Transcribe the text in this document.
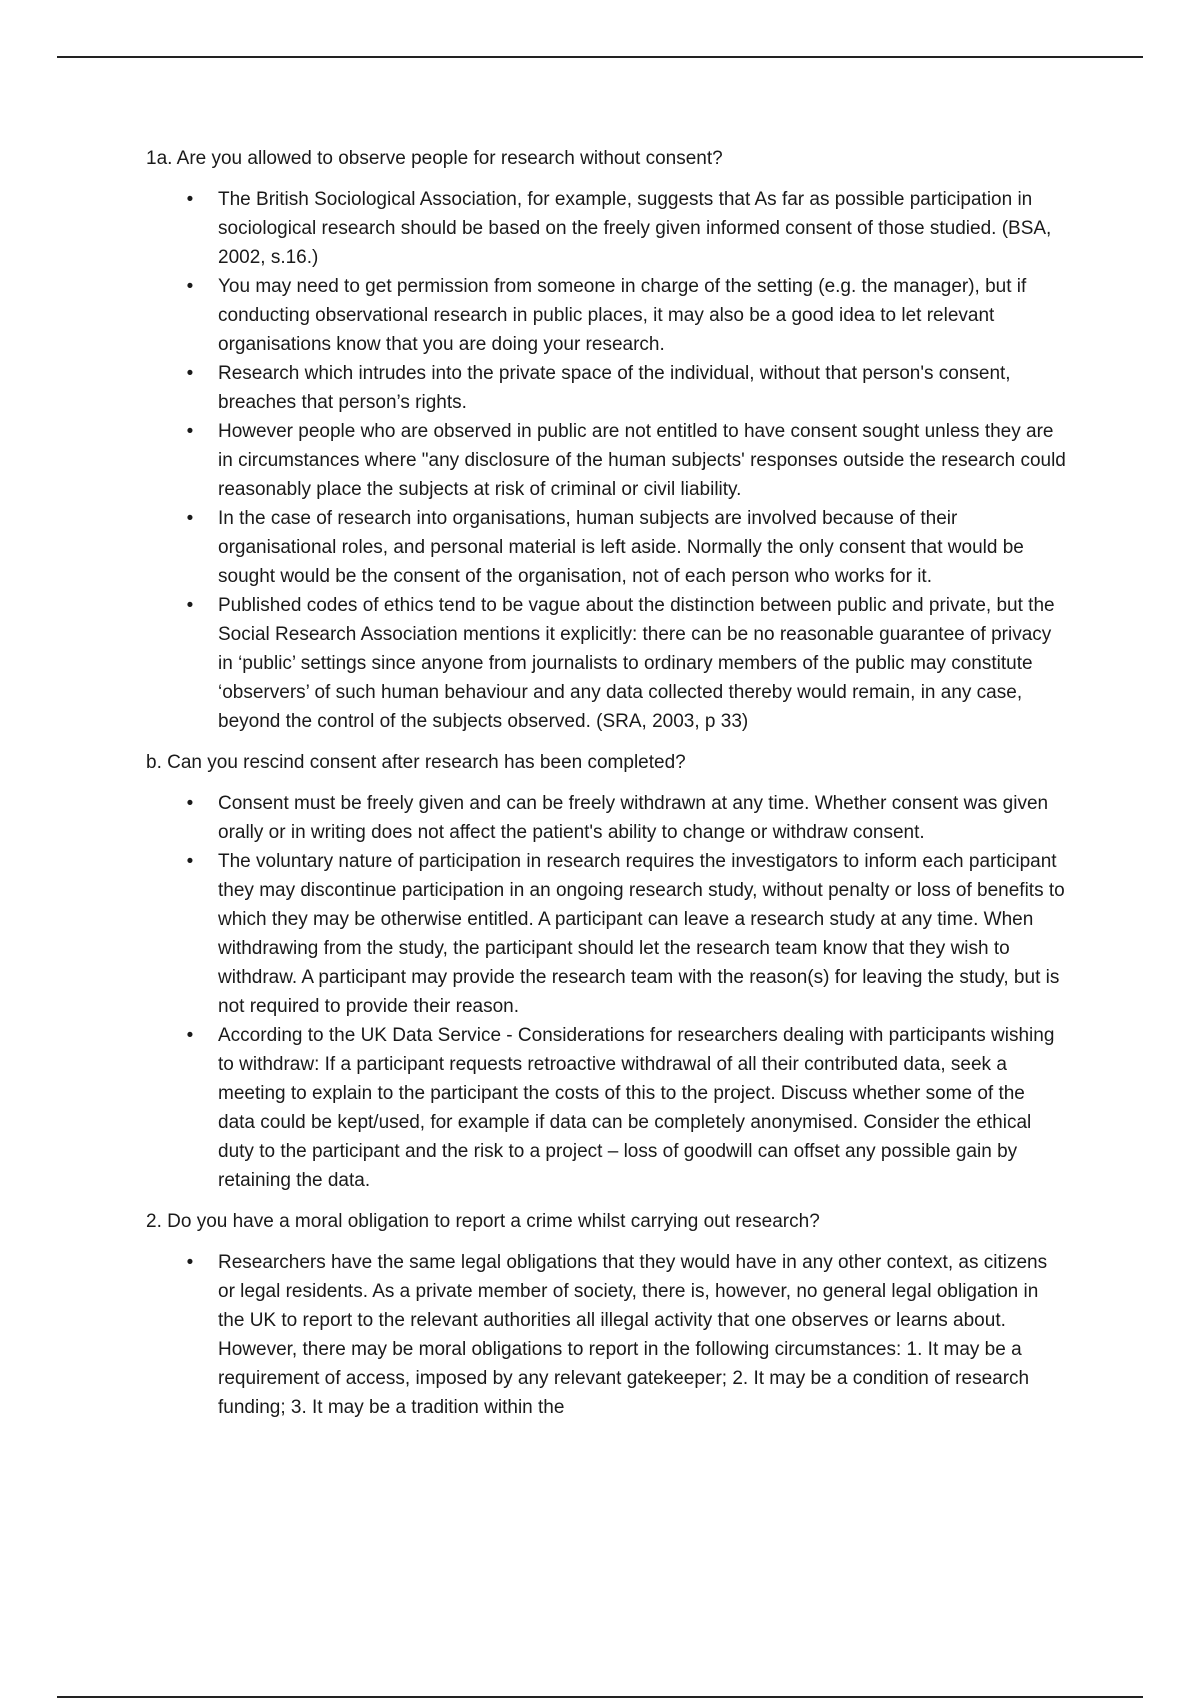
1a. Are you allowed to observe people for research without consent?

• The British Sociological Association, for example, suggests that As far as possible participation in sociological research should be based on the freely given informed consent of those studied. (BSA, 2002, s.16.)
• You may need to get permission from someone in charge of the setting (e.g. the manager), but if conducting observational research in public places, it may also be a good idea to let relevant organisations know that you are doing your research.
• Research which intrudes into the private space of the individual, without that person's consent, breaches that person’s rights.
• However people who are observed in public are not entitled to have consent sought unless they are in circumstances where "any disclosure of the human subjects' responses outside the research could reasonably place the subjects at risk of criminal or civil liability.
• In the case of research into organisations, human subjects are involved because of their organisational roles, and personal material is left aside. Normally the only consent that would be sought would be the consent of the organisation, not of each person who works for it.
• Published codes of ethics tend to be vague about the distinction between public and private, but the Social Research Association mentions it explicitly: there can be no reasonable guarantee of privacy in ‘public’ settings since anyone from journalists to ordinary members of the public may constitute ‘observers’ of such human behaviour and any data collected thereby would remain, in any case, beyond the control of the subjects observed. (SRA, 2003, p 33)

b. Can you rescind consent after research has been completed?

• Consent must be freely given and can be freely withdrawn at any time. Whether consent was given orally or in writing does not affect the patient's ability to change or withdraw consent.
• The voluntary nature of participation in research requires the investigators to inform each participant they may discontinue participation in an ongoing research study, without penalty or loss of benefits to which they may be otherwise entitled. A participant can leave a research study at any time. When withdrawing from the study, the participant should let the research team know that they wish to withdraw. A participant may provide the research team with the reason(s) for leaving the study, but is not required to provide their reason.
• According to the UK Data Service - Considerations for researchers dealing with participants wishing to withdraw: If a participant requests retroactive withdrawal of all their contributed data, seek a meeting to explain to the participant the costs of this to the project. Discuss whether some of the data could be kept/used, for example if data can be completely anonymised. Consider the ethical duty to the participant and the risk to a project – loss of goodwill can offset any possible gain by retaining the data.

2. Do you have a moral obligation to report a crime whilst carrying out research?

• Researchers have the same legal obligations that they would have in any other context, as citizens or legal residents. As a private member of society, there is, however, no general legal obligation in the UK to report to the relevant authorities all illegal activity that one observes or learns about. However, there may be moral obligations to report in the following circumstances: 1. It may be a requirement of access, imposed by any relevant gatekeeper; 2. It may be a condition of research funding; 3. It may be a tradition within the
